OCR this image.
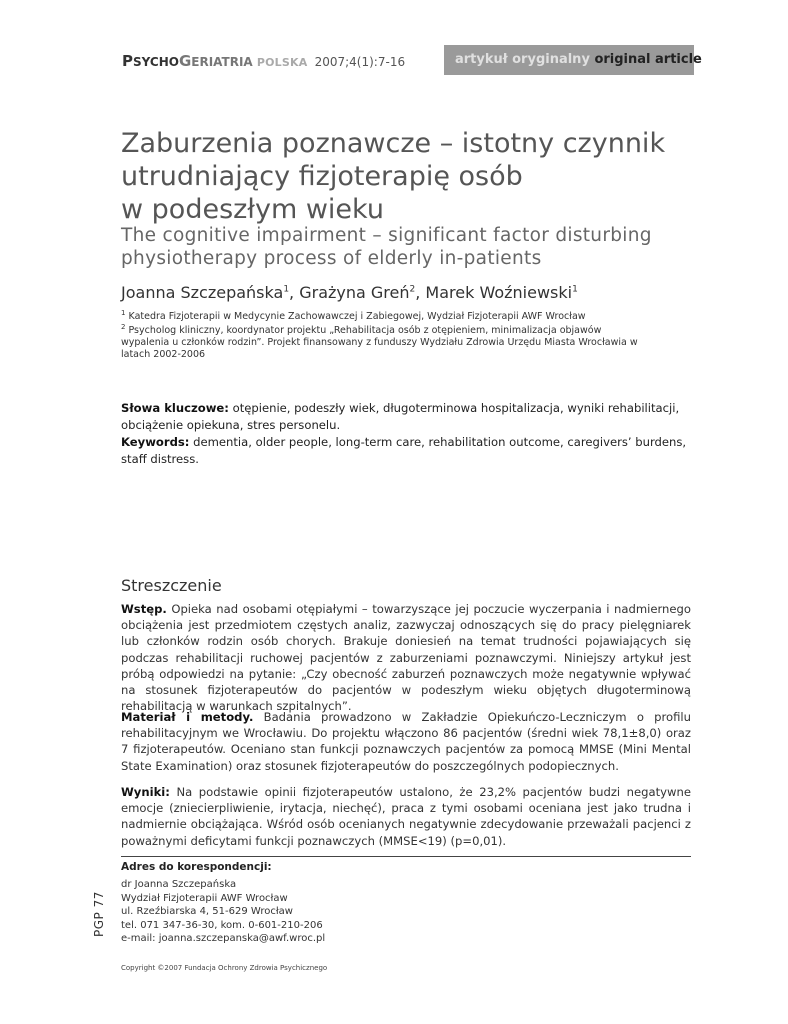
PSYCHOGERIATRIA POLSKA 2007;4(1):7-16	artykuł oryginalny original article
Zaburzenia poznawcze – istotny czynnik
utrudniający fizjoterapię osób
w podeszłym wieku
The cognitive impairment – significant factor disturbing
physiotherapy process of elderly in-patients
Joanna Szczepańska$^1$, Grażyna Greń$^2$, Marek Woźniewski$^1$
$^1$ Katedra Fizjoterapii w Medycynie Zachowawczej i Zabiegowej, Wydział Fizjoterapii AWF Wrocław
$^2$ Psycholog kliniczny, koordynator projektu „Rehabilitacja osób z otępieniem, minimalizacja objawów wypalenia u członków rodzin”. Projekt finansowany z funduszy Wydziału Zdrowia Urzędu Miasta Wrocławia w latach 2002-2006
Słowa kluczowe: otępienie, podeszły wiek, długoterminowa hospitalizacja, wyniki rehabilitacji, obciążenie opiekuna, stres personelu.
Keywords: dementia, older people, long-term care, rehabilitation outcome, caregivers’ burdens, staff distress.
Streszczenie
Wstęp. Opieka nad osobami otępiałymi – towarzyszące jej poczucie wyczerpania i nadmiernego obciążenia jest przedmiotem częstych analiz, zazwyczaj odnoszących się do pracy pielęgniarek lub członków rodzin osób chorych. Brakuje doniesień na temat trudności pojawiających się podczas rehabilitacji ruchowej pacjentów z zaburzeniami poznawczymi. Niniejszy artykuł jest próbą odpowiedzi na pytanie: „Czy obecność zaburzeń poznawczych może negatywnie wpływać na stosunek fizjoterapeutów do pacjentów w podeszłym wieku objętych długoterminową rehabilitacją w warunkach szpitalnych”.
Materiał i metody. Badania prowadzono w Zakładzie Opiekuńczo-Leczniczym o profilu rehabilitacyjnym we Wrocławiu. Do projektu włączono 86 pacjentów (średni wiek 78,1±8,0) oraz 7 fizjoterapeutów. Oceniano stan funkcji poznawczych pacjentów za pomocą MMSE (Mini Mental State Examination) oraz stosunek fizjoterapeutów do poszczególnych podopiecznych.
Wyniki: Na podstawie opinii fizjoterapeutów ustalono, że 23,2% pacjentów budzi negatywne emocje (zniecierpliwienie, irytacja, niechęć), praca z tymi osobami oceniana jest jako trudna i nadmiernie obciążająca. Wśród osób ocenianych negatywnie zdecydowanie przeważali pacjenci z poważnymi deficytami funkcji poznawczych (MMSE<19) (p=0,01).
Adres do korespondencji:
dr Joanna Szczepańska
Wydział Fizjoterapii AWF Wrocław
ul. Rzeźbiarska 4, 51-629 Wrocław
tel. 071 347-36-30, kom. 0-601-210-206
e-mail: joanna.szczepanska@awf.wroc.pl
PGP 77
Copyright ©2007 Fundacja Ochrony Zdrowia Psychicznego
